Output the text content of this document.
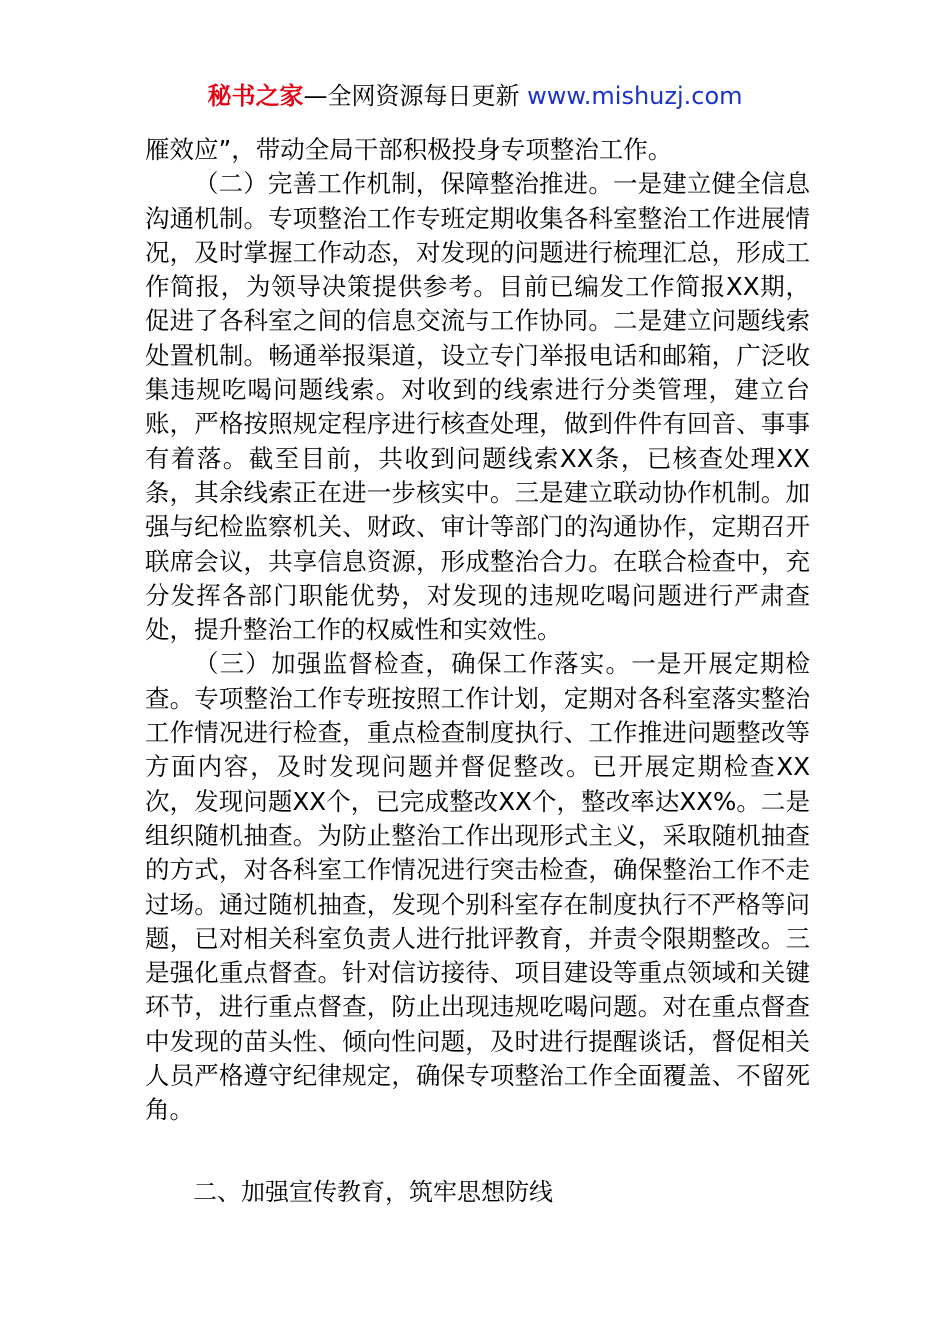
秘书之家—全网资源每日更新 www.mishuzj.com

雁效应”，带动全局干部积极投身专项整治工作。

（二）完善工作机制，保障整治推进。一是建立健全信息沟通机制。专项整治工作专班定期收集各科室整治工作进展情况，及时掌握工作动态，对发现的问题进行梳理汇总，形成工作简报，为领导决策提供参考。目前已编发工作简报XX期，促进了各科室之间的信息交流与工作协同。二是建立问题线索处置机制。畅通举报渠道，设立专门举报电话和邮箱，广泛收集违规吃喝问题线索。对收到的线索进行分类管理，建立台账，严格按照规定程序进行核查处理，做到件件有回音、事事有着落。截至目前，共收到问题线索XX条，已核查处理XX条，其余线索正在进一步核实中。三是建立联动协作机制。加强与纪检监察机关、财政、审计等部门的沟通协作，定期召开联席会议，共享信息资源，形成整治合力。在联合检查中，充分发挥各部门职能优势，对发现的违规吃喝问题进行严肃查处，提升整治工作的权威性和实效性。

（三）加强监督检查，确保工作落实。一是开展定期检查。专项整治工作专班按照工作计划，定期对各科室落实整治工作情况进行检查，重点检查制度执行、工作推进问题整改等方面内容，及时发现问题并督促整改。已开展定期检查XX次，发现问题XX个，已完成整改XX个，整改率达XX%。二是组织随机抽查。为防止整治工作出现形式主义，采取随机抽查的方式，对各科室工作情况进行突击检查，确保整治工作不走过场。通过随机抽查，发现个别科室存在制度执行不严格等问题，已对相关科室负责人进行批评教育，并责令限期整改。三是强化重点督查。针对信访接待、项目建设等重点领域和关键环节，进行重点督查，防止出现违规吃喝问题。对在重点督查中发现的苗头性、倾向性问题，及时进行提醒谈话，督促相关人员严格遵守纪律规定，确保专项整治工作全面覆盖、不留死角。

二、加强宣传教育，筑牢思想防线
